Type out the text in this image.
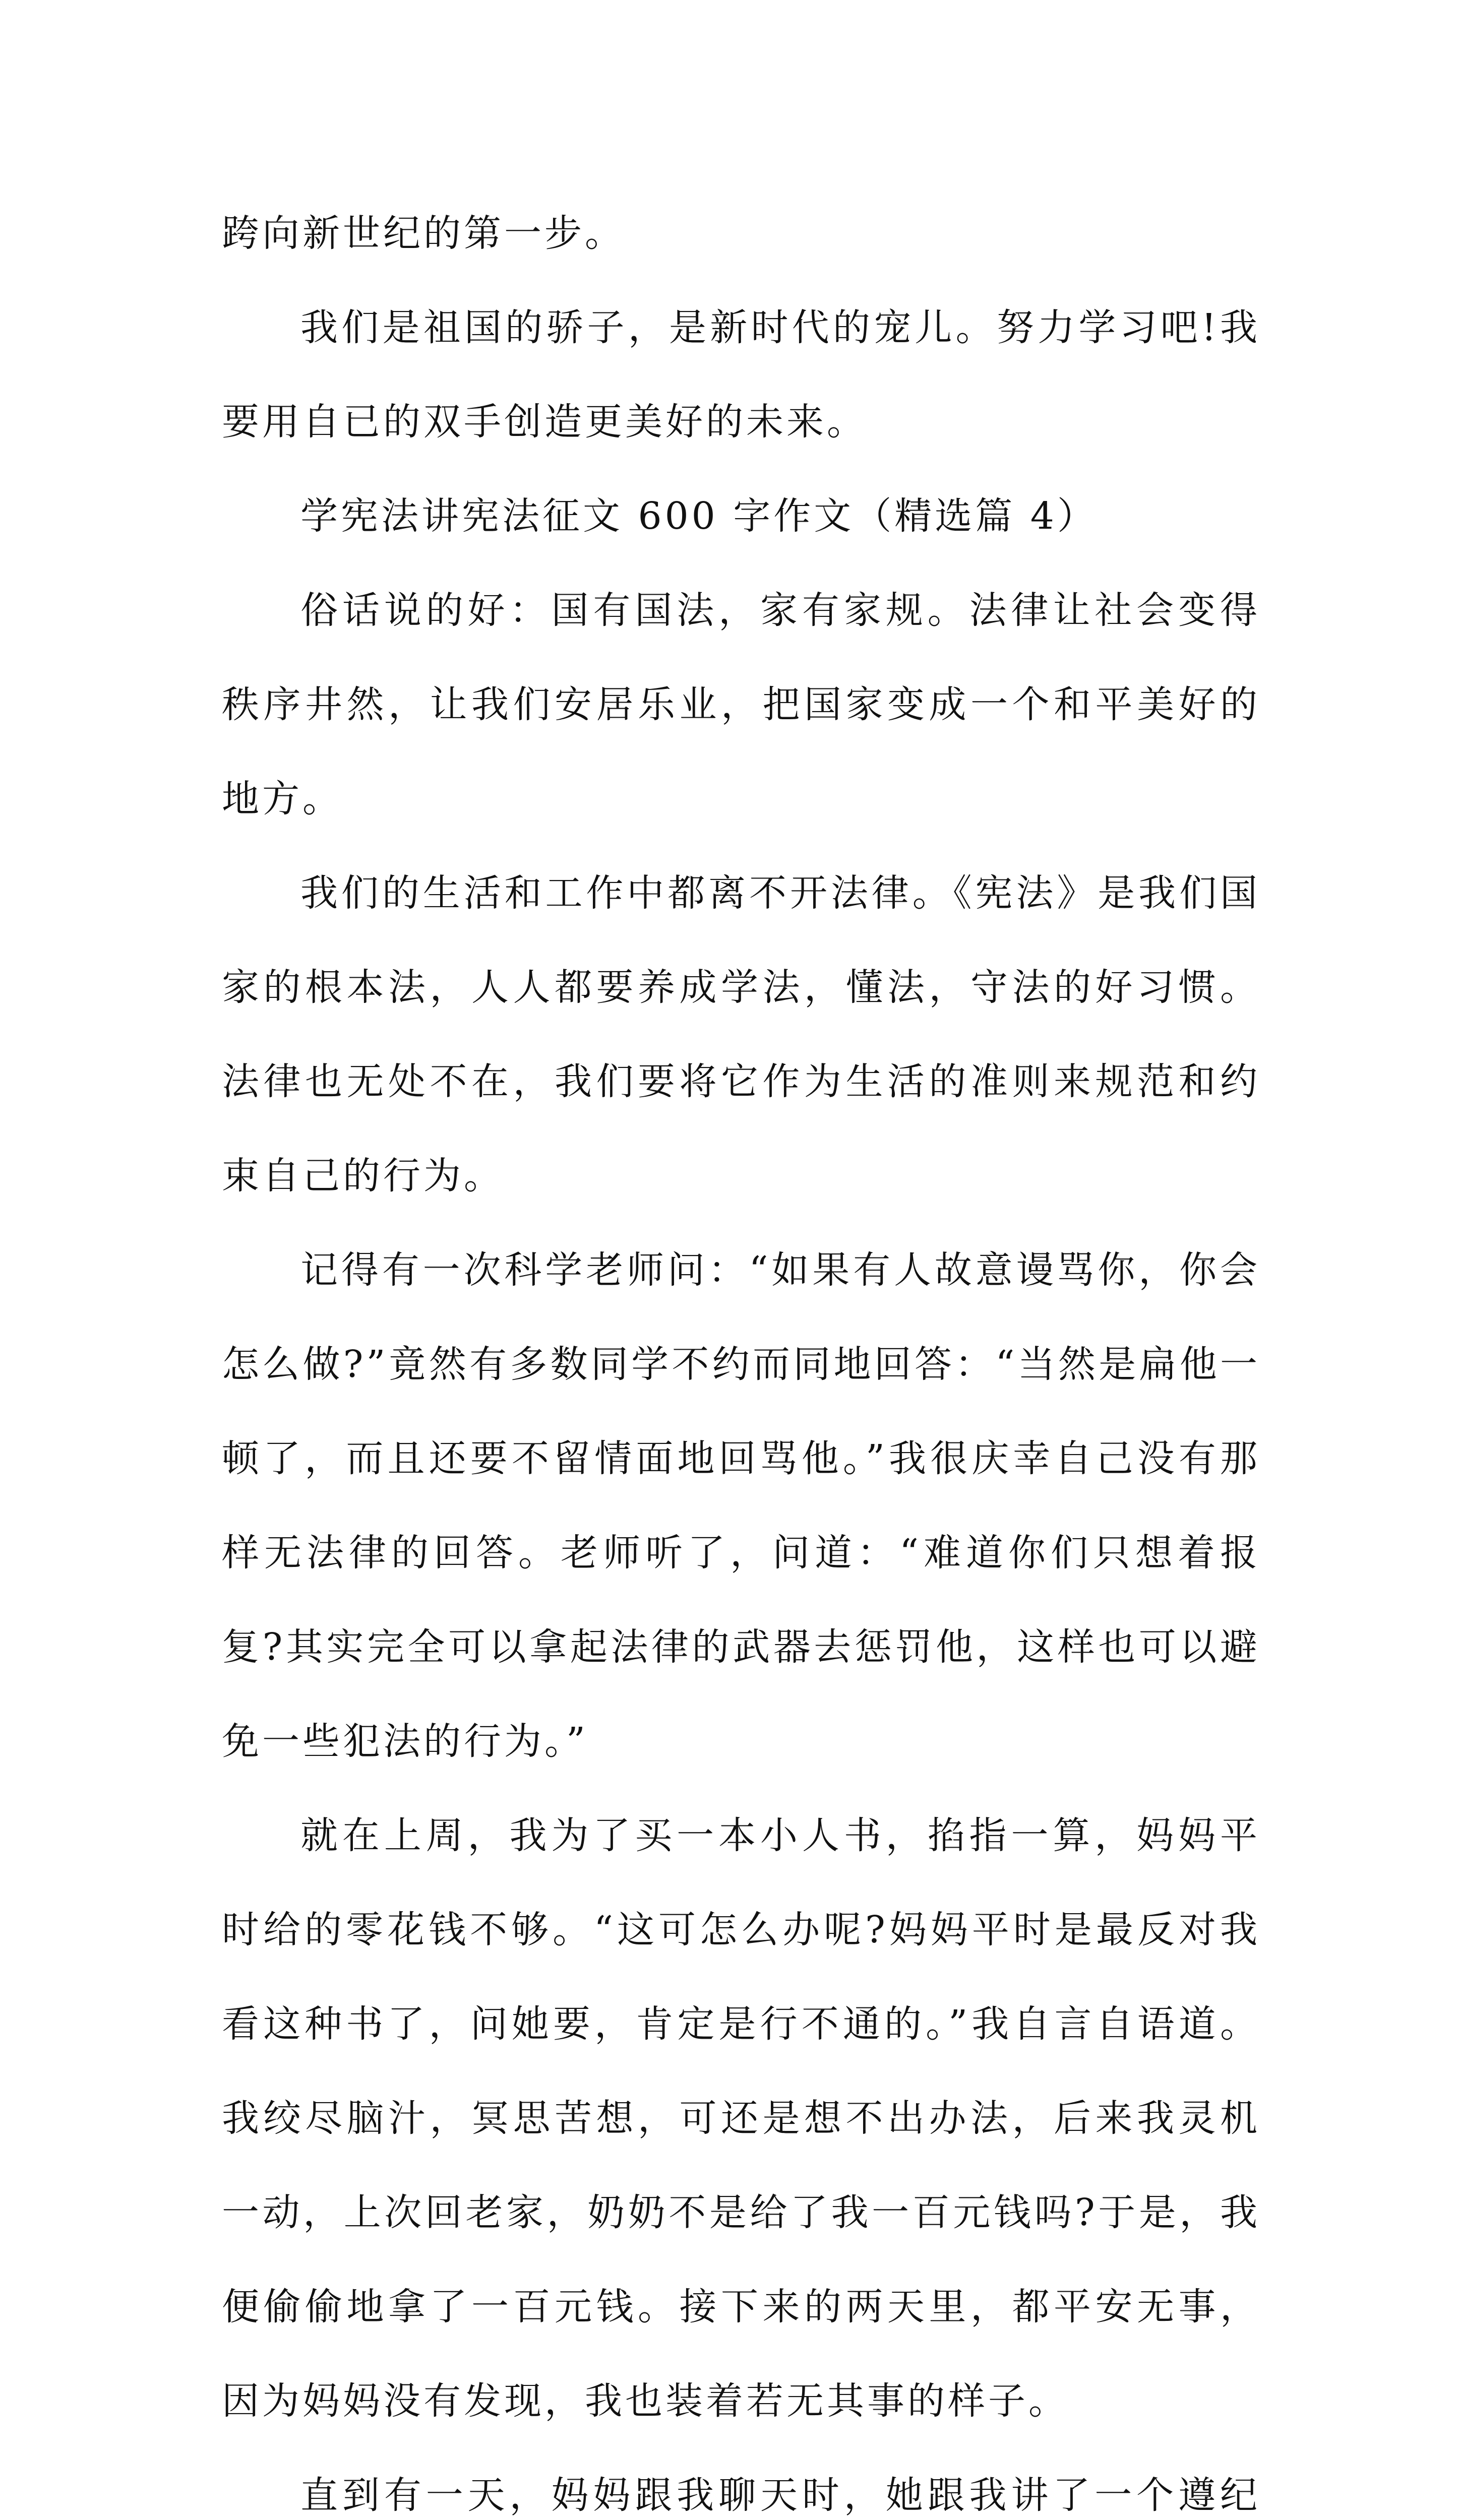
跨向新世纪的第一步。

我们是祖国的骄子，是新时代的宠儿。努力学习吧!我要用自已的双手创造更美好的未来。

学宪法讲宪法征文 600 字作文（精选篇 4）

俗话说的好：国有国法，家有家规。法律让社会变得秩序井然，让我们安居乐业，把国家变成一个和平美好的地方。

我们的生活和工作中都离不开法律。《宪法》是我们国家的根本法，人人都要养成学法，懂法，守法的好习惯。法律也无处不在，我们要将它作为生活的准则来规范和约束自己的行为。

记得有一次科学老师问：“如果有人故意谩骂你，你会怎么做?”竟然有多数同学不约而同地回答：“当然是扁他一顿了，而且还要不留情面地回骂他。”我很庆幸自己没有那样无法律的回答。老师听了，问道：“难道你们只想着报复?其实完全可以拿起法律的武器去惩罚他，这样也可以避免一些犯法的行为。”

就在上周，我为了买一本小人书，掐指一算，妈妈平时给的零花钱不够。“这可怎么办呢?妈妈平时是最反对我看这种书了，问她要，肯定是行不通的。”我自言自语道。我绞尽脑汁，冥思苦想，可还是想不出办法，后来我灵机一动，上次回老家，奶奶不是给了我一百元钱吗?于是，我便偷偷地拿了一百元钱。接下来的两天里，都平安无事，因为妈妈没有发现，我也装着若无其事的样子。

直到有一天，妈妈跟我聊天时，她跟我讲了一个遵纪
